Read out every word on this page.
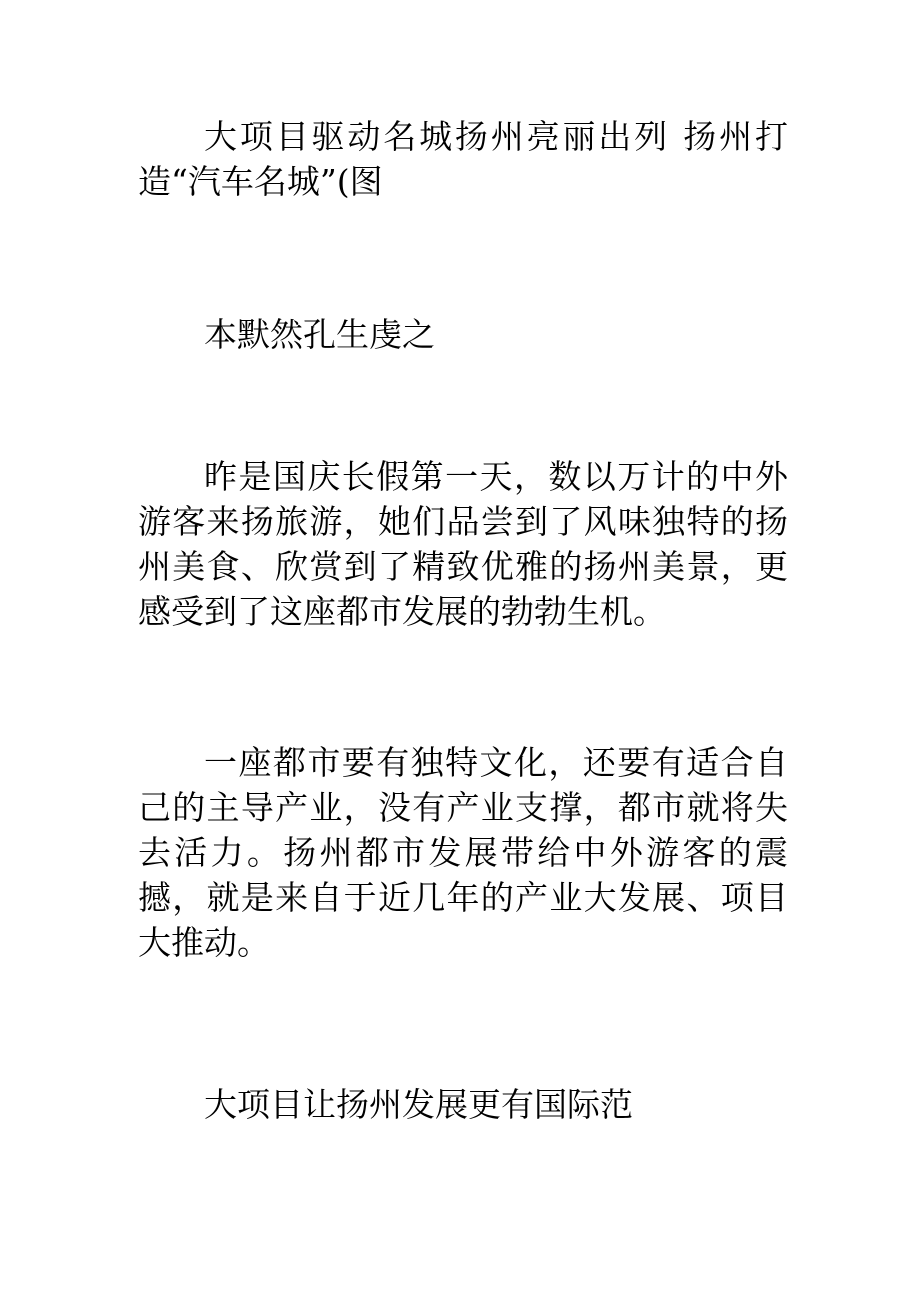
大项目驱动名城扬州亮丽出列 扬州打造“汽车名城”(图

本默然孔生虔之

昨是国庆长假第一天，数以万计的中外游客来扬旅游，她们品尝到了风味独特的扬州美食、欣赏到了精致优雅的扬州美景，更感受到了这座都市发展的勃勃生机。

一座都市要有独特文化，还要有适合自己的主导产业，没有产业支撑，都市就将失去活力。扬州都市发展带给中外游客的震撼，就是来自于近几年的产业大发展、项目大推动。

大项目让扬州发展更有国际范
